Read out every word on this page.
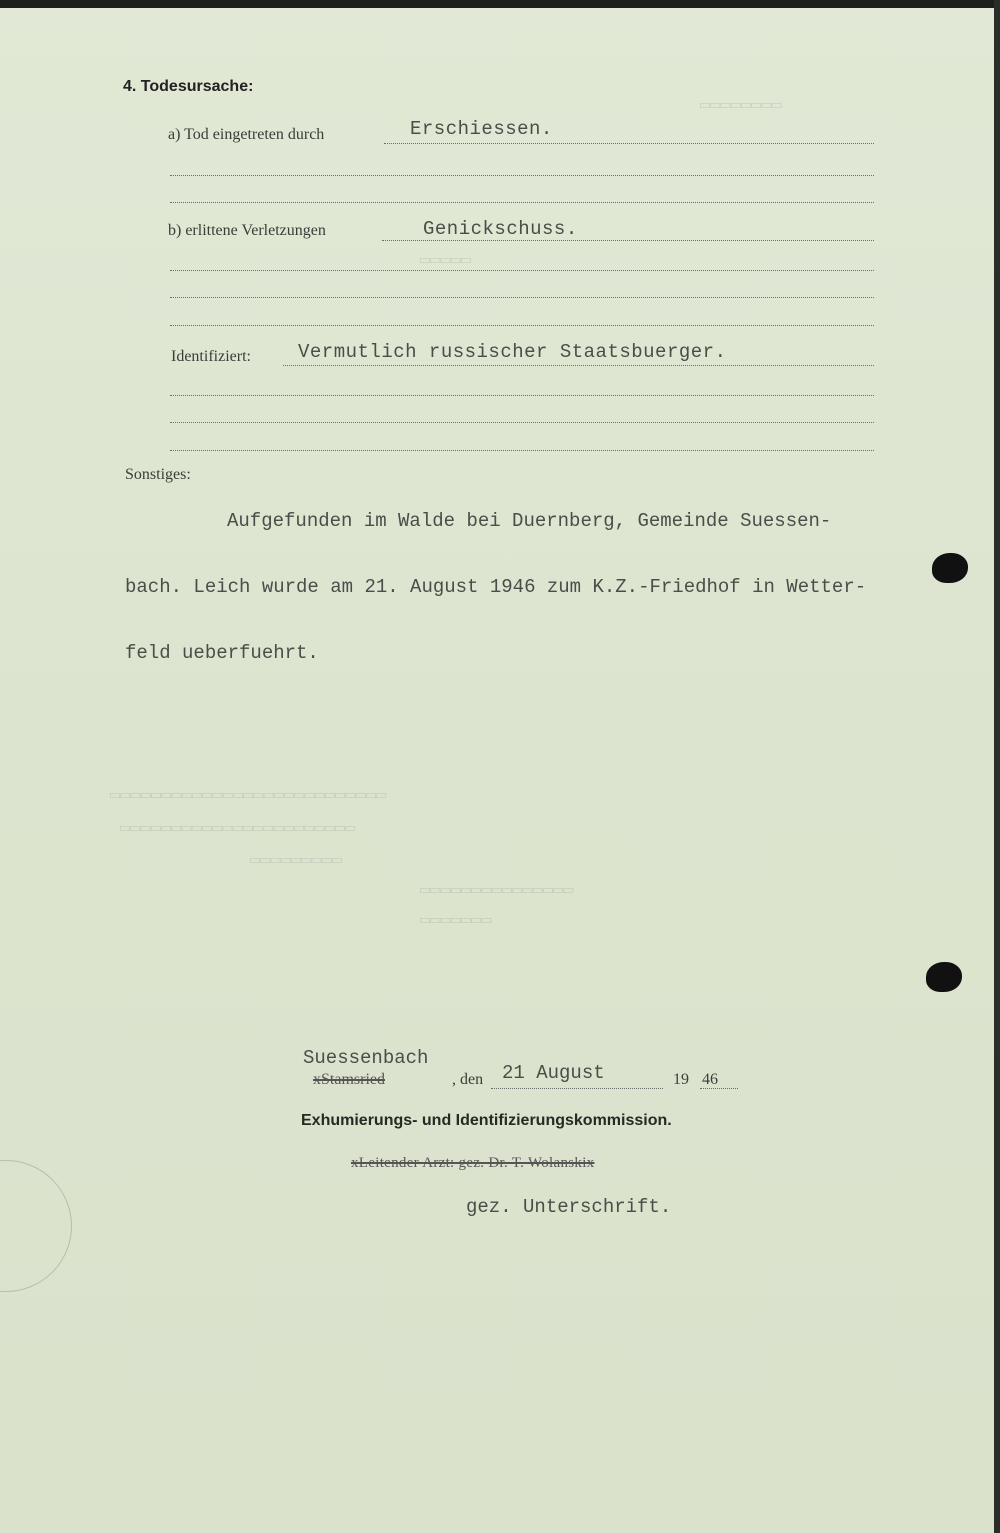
▭▭▭▭▭▭▭▭
▭▭▭▭▭
▭▭▭▭▭▭▭▭▭▭▭▭▭▭▭▭▭▭▭▭▭▭▭▭▭▭▭
▭▭▭▭▭▭▭▭▭▭▭▭▭▭▭▭▭▭▭▭▭▭▭
▭▭▭▭▭▭▭▭▭
▭▭▭▭▭▭▭▭▭▭▭▭▭▭▭
▭▭▭▭▭▭▭
4. Todesursache:
a) Tod eingetreten durch	Erschiessen.
b) erlittene Verletzungen	Genickschuss.
Identifiziert: Vermutlich russischer Staatsbuerger.
Sonstiges:

Aufgefunden im Walde bei Duernberg, Gemeinde Suessen-

bach. Leich wurde am 21. August 1946 zum K.Z.-Friedhof in Wetter-

feld ueberfuehrt.

Suessenbach
xStamsried	, den 21 August	19 46
Exhumierungs- und Identifizierungskommission.
xLeitender Arzt: gez. Dr. T. Wolanskix
gez. Unterschrift.
